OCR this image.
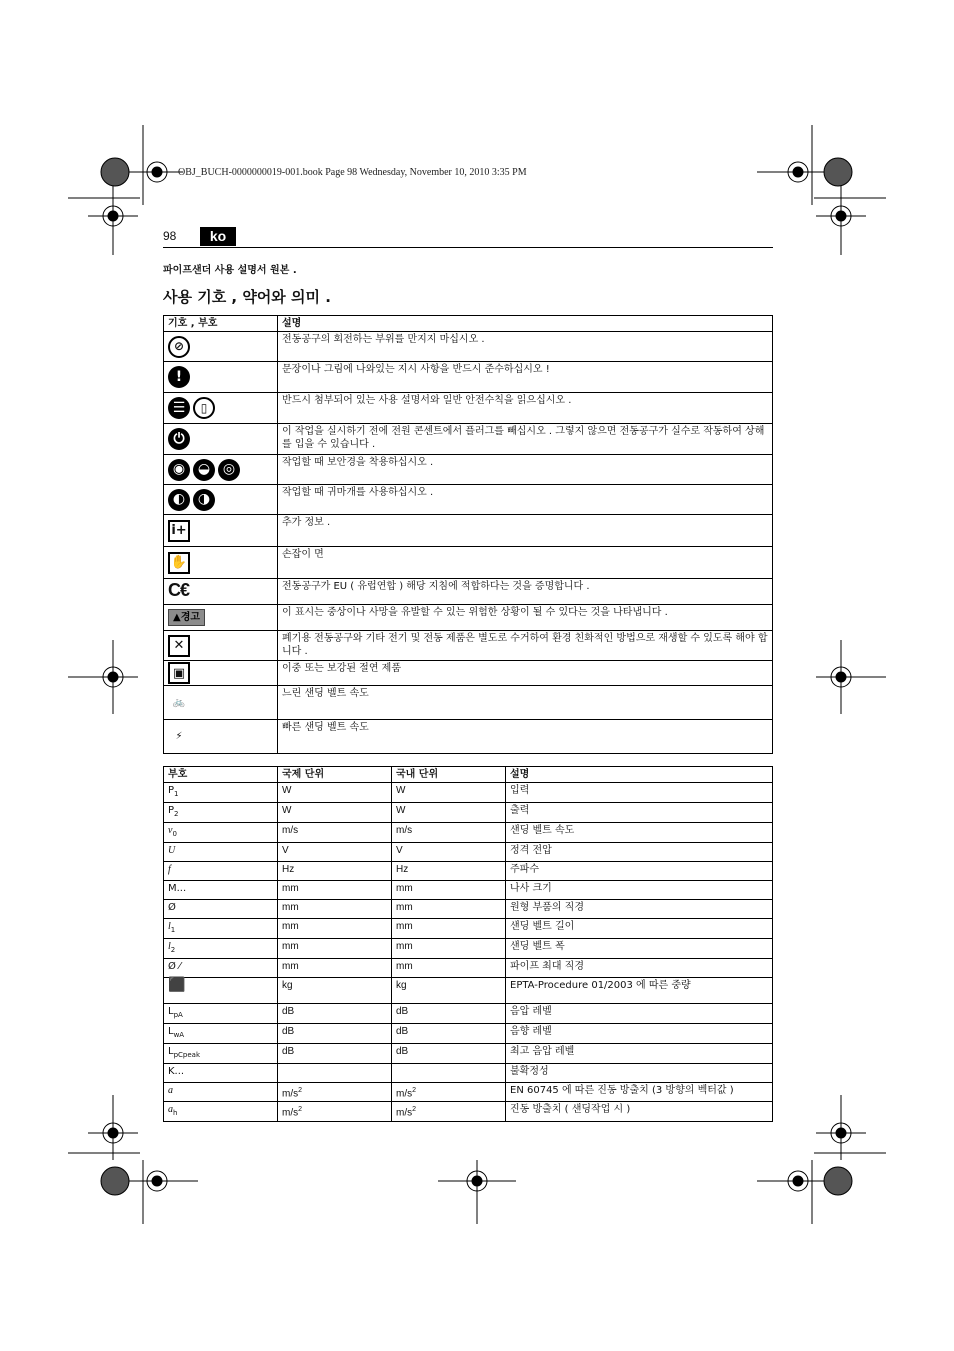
OBJ_BUCH-0000000019-001.book Page 98 Wednesday, November 10, 2010 3:35 PM
98	ko
파이프샌더 사용 설명서 원본 .
사용 기호 , 약어와 의미 .
기호 , 부호	설명
⊘	전동공구의 회전하는 부위를 만지지 마십시오 .
!	문장이나 그림에 나와있는 지시 사항을 반드시 준수하십시오 !
☰ ▯	반드시 첨부되어 있는 사용 설명서와 일반 안전수칙을 읽으십시오 .
⏻	이 작업을 실시하기 전에 전원 콘센트에서 플러그를 빼십시오 . 그렇지 않으면 전동공구가 실수로 작동하여 상해를 입을 수 있습니다 .
◉ ◒ ◎	작업할 때 보안경을 착용하십시오 .
◐ ◑	작업할 때 귀마개를 사용하십시오 .
i+	추가 정보 .
✋	손잡이 면
C€	전동공구가 EU ( 유럽연합 ) 해당 지침에 적합하다는 것을 증명합니다 .
▲경고	이 표시는 중상이나 사망을 유발할 수 있는 위험한 상황이 될 수 있다는 것을 나타냅니다 .
✕	폐기용 전동공구와 기타 전기 및 전동 제품은 별도로 수거하여 환경 친화적인 방법으로 재생할 수 있도록 해야 합니다 .
▣	이중 또는 보강된 절연 제품
🚲	느린 샌딩 벨트 속도
⚡	빠른 샌딩 벨트 속도
부호	국제 단위	국내 단위	설명
$P_1$	W	W	입력
$P_2$	W	W	출력
$v_0$	m/s	m/s	샌딩 벨트 속도
U	V	V	정격 전압
f	Hz	Hz	주파수
M...	mm	mm	나사 크기
Ø	mm	mm	원형 부품의 직경
$l_1$	mm	mm	샌딩 벨트 길이
$l_2$	mm	mm	샌딩 벨트 폭
Ø ⁄	mm	mm	파이프 최대 직경
⬛	kg	kg	EPTA-Procedure 01/2003 에 따른 중량
$L_{pA}$	dB	dB	음압 레벨
$L_{wA}$	dB	dB	음향 레벨
$L_{pCpeak}$	dB	dB	최고 음압 레벨
K...			불확정성
a	$m/s^2$	$m/s^2$	EN 60745 에 따른 진동 방출치 (3 방향의 벡터값 )
$a_h$	$m/s^2$	$m/s^2$	진동 방출치 ( 샌딩작업 시 )
